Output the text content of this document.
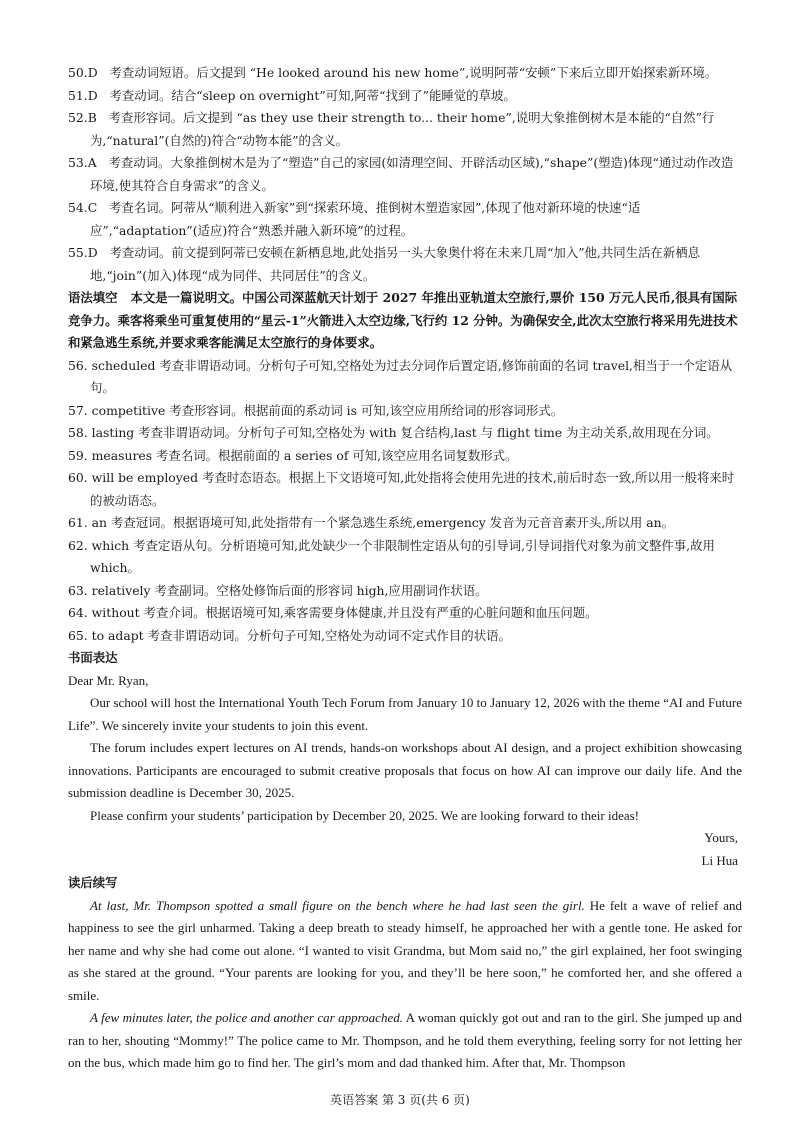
50.D 考查动词短语。后文提到 “He looked around his new home”,说明阿蒂“安顿”下来后立即开始探索新环境。

51.D 考查动词。结合“sleep on overnight”可知,阿蒂“找到了”能睡觉的草坡。

52.B 考查形容词。后文提到 “as they use their strength to... their home”,说明大象推倒树木是本能的“自然”行为,“natural”(自然的)符合“动物本能”的含义。

53.A 考查动词。大象推倒树木是为了“塑造”自己的家园(如清理空间、开辟活动区域),“shape”(塑造)体现“通过动作改造环境,使其符合自身需求”的含义。

54.C 考查名词。阿蒂从“顺利进入新家”到“探索环境、推倒树木塑造家园”,体现了他对新环境的快速“适应”,“adaptation”(适应)符合“熟悉并融入新环境”的过程。

55.D 考查动词。前文提到阿蒂已安顿在新栖息地,此处指另一头大象奥什将在未来几周“加入”他,共同生活在新栖息地,“join”(加入)体现“成为同伴、共同居住”的含义。

语法填空 本文是一篇说明文。中国公司深蓝航天计划于 2027 年推出亚轨道太空旅行,票价 150 万元人民币,很具有国际竞争力。乘客将乘坐可重复使用的“星云-1”火箭进入太空边缘,飞行约 12 分钟。为确保安全,此次太空旅行将采用先进技术和紧急逃生系统,并要求乘客能满足太空旅行的身体要求。

56. scheduled 考查非谓语动词。分析句子可知,空格处为过去分词作后置定语,修饰前面的名词 travel,相当于一个定语从句。

57. competitive 考查形容词。根据前面的系动词 is 可知,该空应用所给词的形容词形式。

58. lasting 考查非谓语动词。分析句子可知,空格处为 with 复合结构,last 与 flight time 为主动关系,故用现在分词。

59. measures 考查名词。根据前面的 a series of 可知,该空应用名词复数形式。

60. will be employed 考查时态语态。根据上下文语境可知,此处指将会使用先进的技术,前后时态一致,所以用一般将来时的被动语态。

61. an 考查冠词。根据语境可知,此处指带有一个紧急逃生系统,emergency 发音为元音音素开头,所以用 an。

62. which 考查定语从句。分析语境可知,此处缺少一个非限制性定语从句的引导词,引导词指代对象为前文整件事,故用 which。

63. relatively 考查副词。空格处修饰后面的形容词 high,应用副词作状语。

64. without 考查介词。根据语境可知,乘客需要身体健康,并且没有严重的心脏问题和血压问题。

65. to adapt 考查非谓语动词。分析句子可知,空格处为动词不定式作目的状语。

书面表达

Dear Mr. Ryan,

Our school will host the International Youth Tech Forum from January 10 to January 12, 2026 with the theme “AI and Future Life”. We sincerely invite your students to join this event.

The forum includes expert lectures on AI trends, hands-on workshops about AI design, and a project exhibition showcasing innovations. Participants are encouraged to submit creative proposals that focus on how AI can improve our daily life. And the submission deadline is December 30, 2025.

Please confirm your students’ participation by December 20, 2025. We are looking forward to their ideas!

Yours,

Li Hua

读后续写

At last, Mr. Thompson spotted a small figure on the bench where he had last seen the girl. He felt a wave of relief and happiness to see the girl unharmed. Taking a deep breath to steady himself, he approached her with a gentle tone. He asked for her name and why she had come out alone. “I wanted to visit Grandma, but Mom said no,” the girl explained, her foot swinging as she stared at the ground. “Your parents are looking for you, and they’ll be here soon,” he comforted her, and she offered a smile.

A few minutes later, the police and another car approached. A woman quickly got out and ran to the girl. She jumped up and ran to her, shouting “Mommy!” The police came to Mr. Thompson, and he told them everything, feeling sorry for not letting her on the bus, which made him go to find her. The girl’s mom and dad thanked him. After that, Mr. Thompson

英语答案 第 3 页(共 6 页)
